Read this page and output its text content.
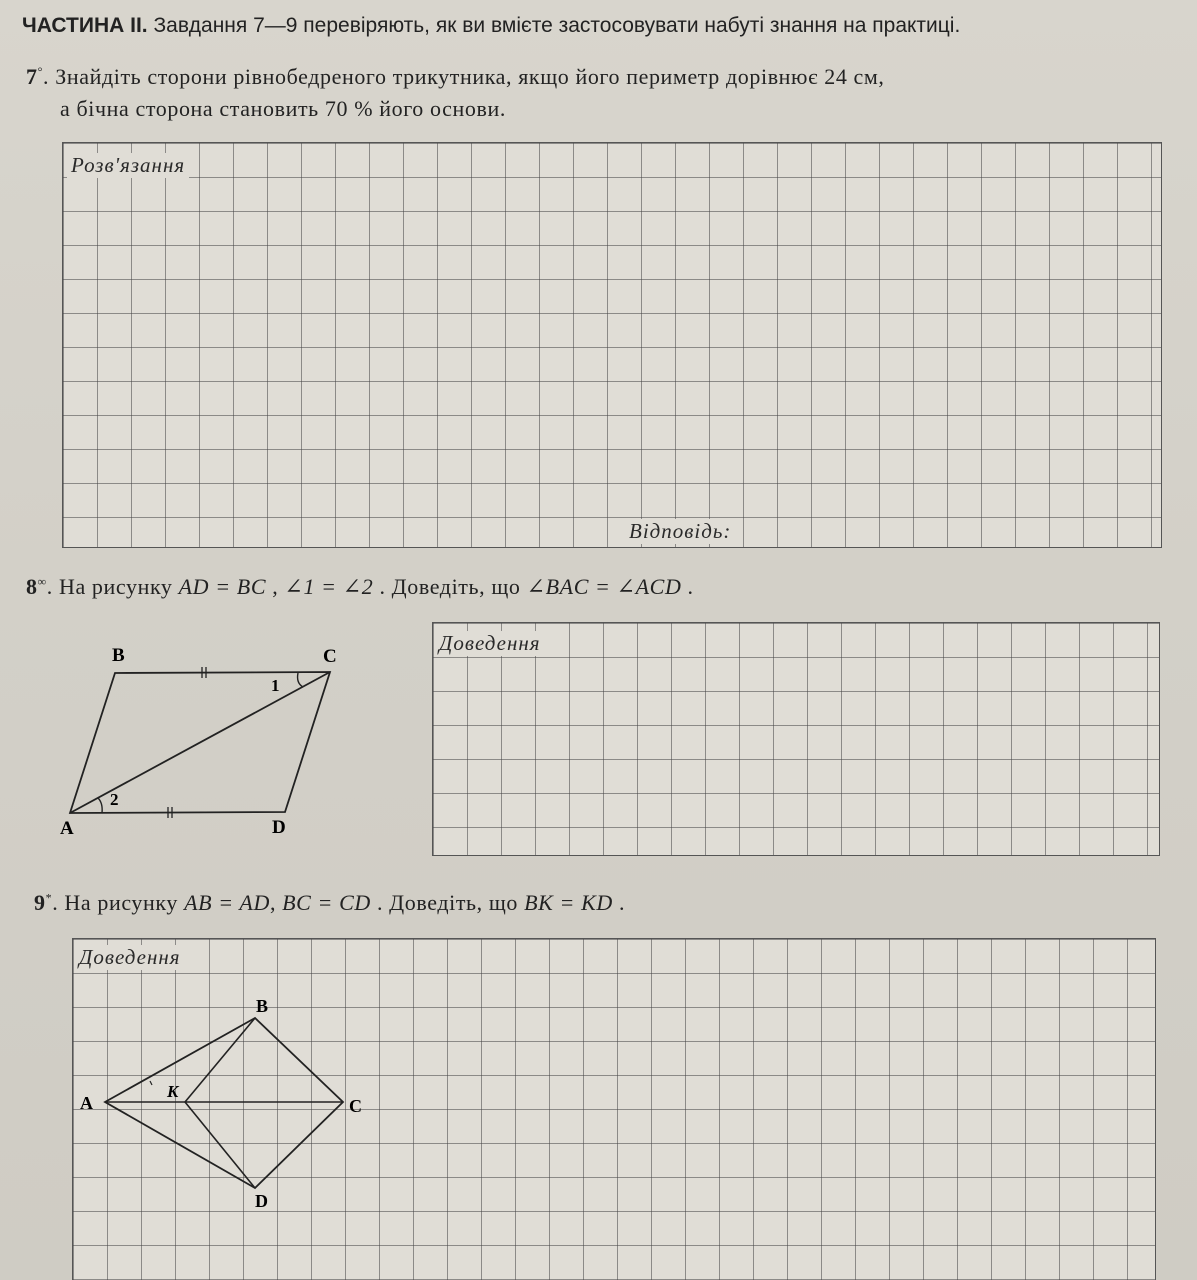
ЧАСТИНА ІІ. Завдання 7—9 перевіряють, як ви вмієте застосовувати набуті знання на практиці.
7°. Знайдіть сторони рівнобедреного трикутника, якщо його периметр дорівнює 24 см,
а бічна сторона становить 70 % його основи.
Розв'язання
Відповідь:
8∞. На рисунку AD = BC , ∠1 = ∠2 . Доведіть, що ∠BAC = ∠ACD .
B	C
A	D
1
2
Доведення
9*. На рисунку AB = AD, BC = CD . Доведіть, що BK = KD .
Доведення
B
A	C
D
K
